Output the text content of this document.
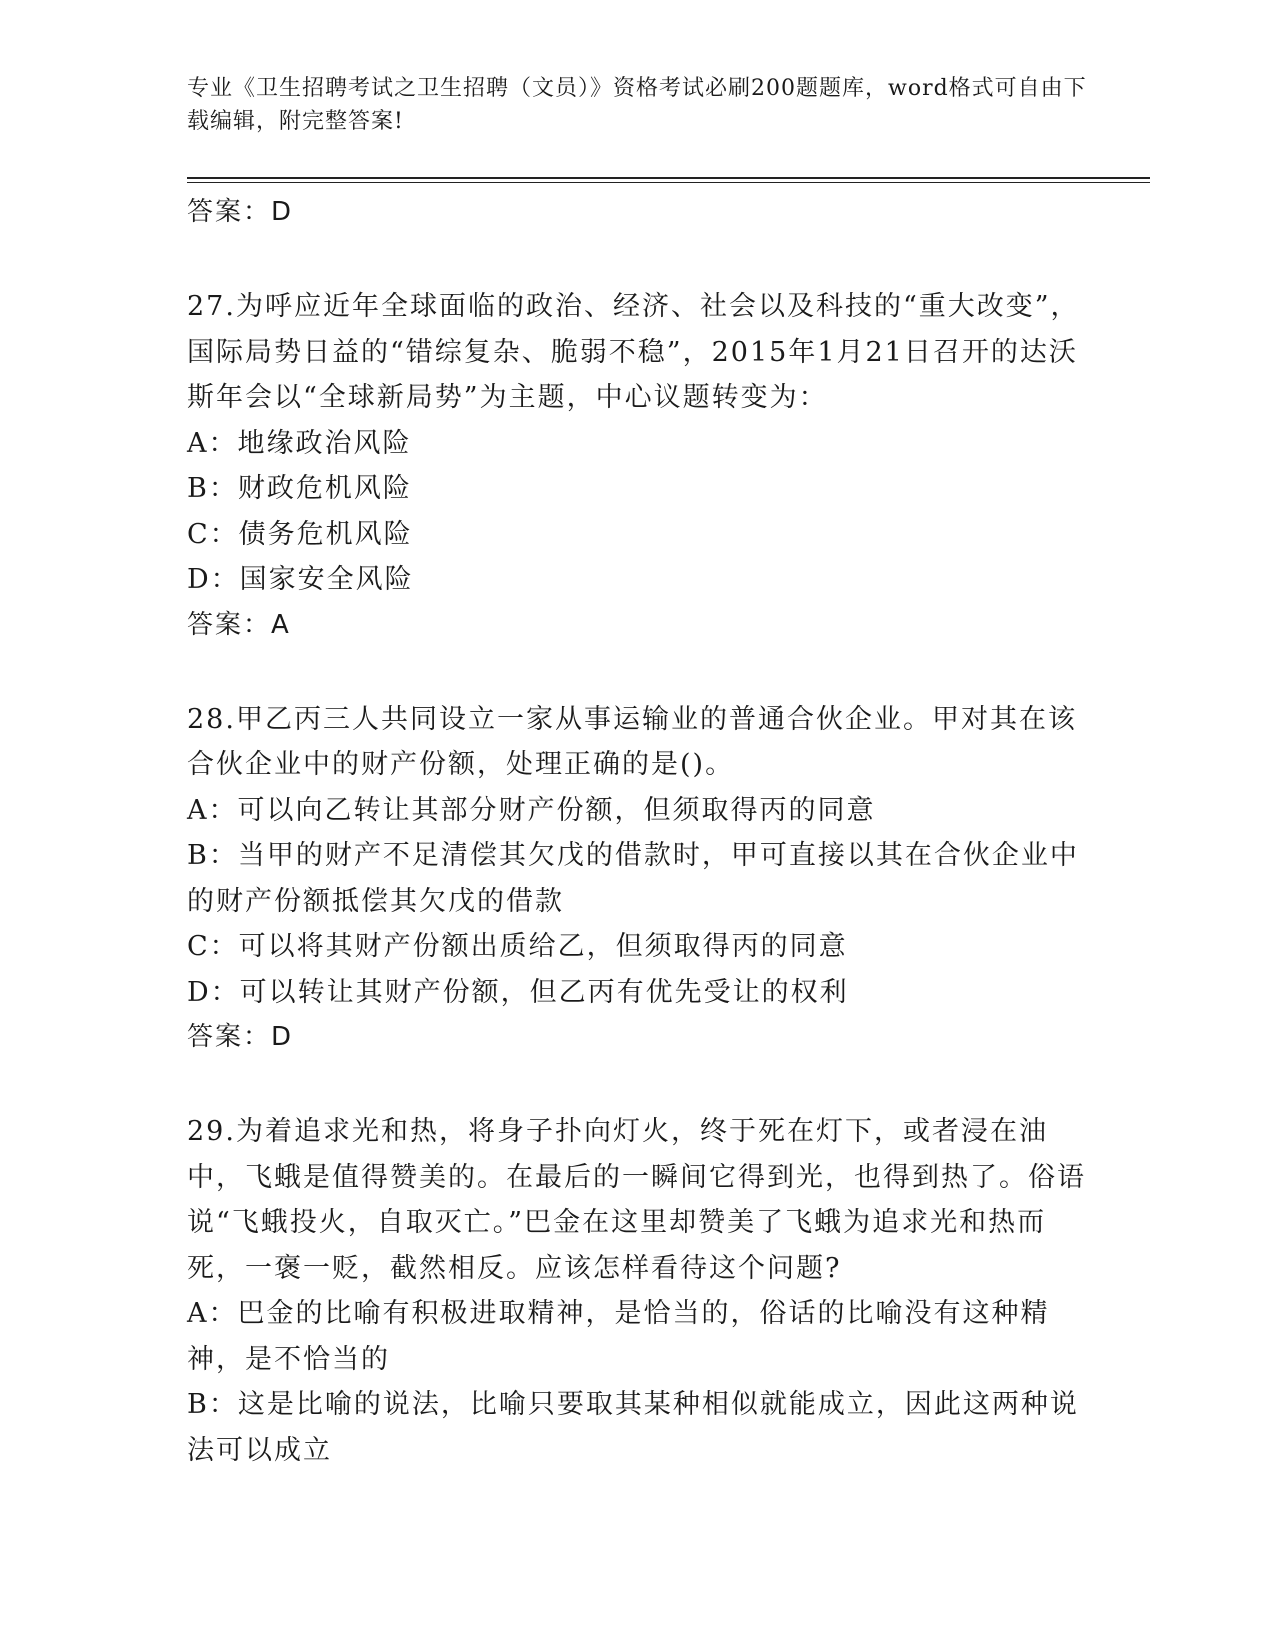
专业《卫生招聘考试之卫生招聘（文员）》资格考试必刷200题题库，word格式可自由下载编辑，附完整答案!

答案：D

27.为呼应近年全球面临的政治、经济、社会以及科技的“重大改变”，国际局势日益的“错综复杂、脆弱不稳”，2015年1月21日召开的达沃斯年会以“全球新局势”为主题，中心议题转变为：

A：地缘政治风险

B：财政危机风险

C：债务危机风险

D：国家安全风险

答案：A

28.甲乙丙三人共同设立一家从事运输业的普通合伙企业。甲对其在该合伙企业中的财产份额，处理正确的是()。

A：可以向乙转让其部分财产份额，但须取得丙的同意

B：当甲的财产不足清偿其欠戊的借款时，甲可直接以其在合伙企业中的财产份额抵偿其欠戊的借款

C：可以将其财产份额出质给乙，但须取得丙的同意

D：可以转让其财产份额，但乙丙有优先受让的权利

答案：D

29.为着追求光和热，将身子扑向灯火，终于死在灯下，或者浸在油中，飞蛾是值得赞美的。在最后的一瞬间它得到光，也得到热了。俗语说“飞蛾投火，自取灭亡。”巴金在这里却赞美了飞蛾为追求光和热而死，一褒一贬，截然相反。应该怎样看待这个问题?

A：巴金的比喻有积极进取精神，是恰当的，俗话的比喻没有这种精神，是不恰当的

B：这是比喻的说法，比喻只要取其某种相似就能成立，因此这两种说法可以成立
